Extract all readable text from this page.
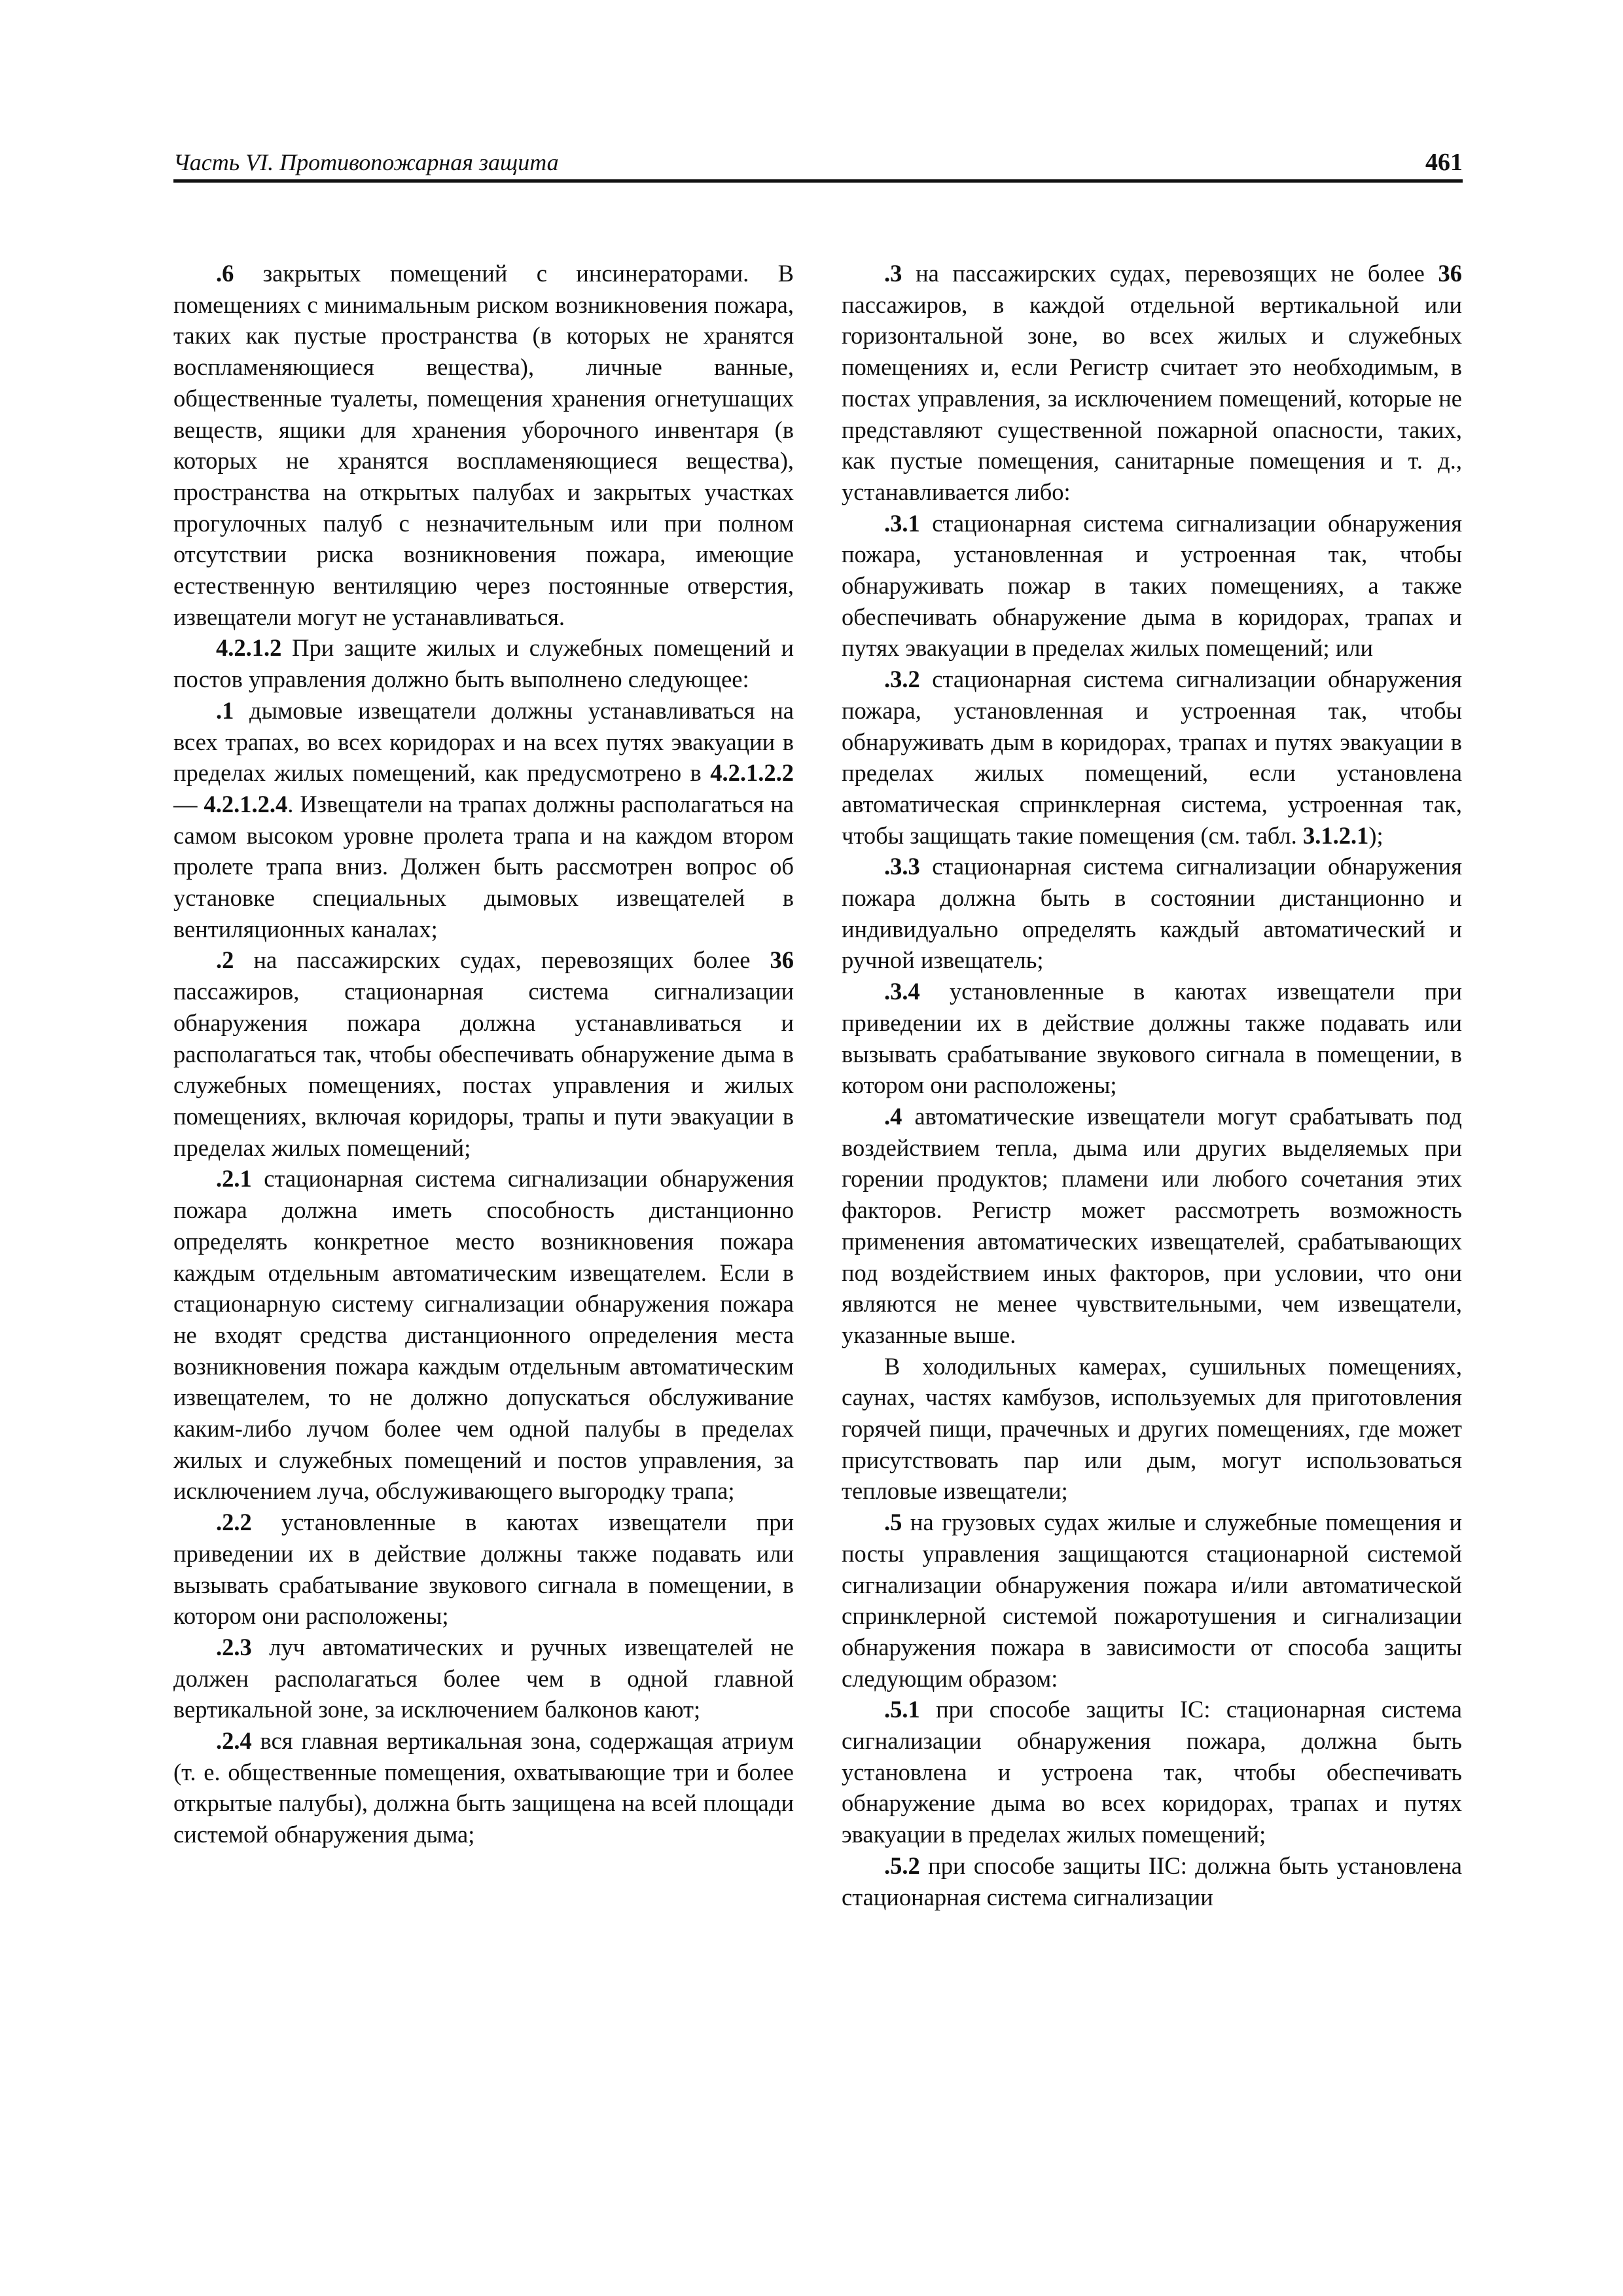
Часть VI. Противопожарная защита	461

.6 закрытых помещений с инсинераторами. В помещениях с минимальным риском возникновения пожара, таких как пустые пространства (в которых не хранятся воспламеняющиеся вещества), личные ванные, общественные туалеты, помещения хранения огнетушащих веществ, ящики для хранения уборочного инвентаря (в которых не хранятся воспламеняющиеся вещества), пространства на открытых палубах и закрытых участках прогулочных палуб с незначительным или при полном отсутствии риска возникновения пожара, имеющие естественную вентиляцию через постоянные отверстия, извещатели могут не устанавливаться.

4.2.1.2 При защите жилых и служебных помещений и постов управления должно быть выполнено следующее:

.1 дымовые извещатели должны устанавливаться на всех трапах, во всех коридорах и на всех путях эвакуации в пределах жилых помещений, как предусмотрено в 4.2.1.2.2 — 4.2.1.2.4. Извещатели на трапах должны располагаться на самом высоком уровне пролета трапа и на каждом втором пролете трапа вниз. Должен быть рассмотрен вопрос об установке специальных дымовых извещателей в вентиляционных каналах;

.2 на пассажирских судах, перевозящих более 36 пассажиров, стационарная система сигнализации обнаружения пожара должна устанавливаться и располагаться так, чтобы обеспечивать обнаружение дыма в служебных помещениях, постах управления и жилых помещениях, включая коридоры, трапы и пути эвакуации в пределах жилых помещений;

.2.1 стационарная система сигнализации обнаружения пожара должна иметь способность дистанционно определять конкретное место возникновения пожара каждым отдельным автоматическим извещателем. Если в стационарную систему сигнализации обнаружения пожара не входят средства дистанционного определения места возникновения пожара каждым отдельным автоматическим извещателем, то не должно допускаться обслуживание каким-либо лучом более чем одной палубы в пределах жилых и служебных помещений и постов управления, за исключением луча, обслуживающего выгородку трапа;

.2.2 установленные в каютах извещатели при приведении их в действие должны также подавать или вызывать срабатывание звукового сигнала в помещении, в котором они расположены;

.2.3 луч автоматических и ручных извещателей не должен располагаться более чем в одной главной вертикальной зоне, за исключением балконов кают;

.2.4 вся главная вертикальная зона, содержащая атриум (т. е. общественные помещения, охватывающие три и более открытые палубы), должна быть защищена на всей площади системой обнаружения дыма;

.3 на пассажирских судах, перевозящих не более 36 пассажиров, в каждой отдельной вертикальной или горизонтальной зоне, во всех жилых и служебных помещениях и, если Регистр считает это необходимым, в постах управления, за исключением помещений, которые не представляют существенной пожарной опасности, таких, как пустые помещения, санитарные помещения и т. д., устанавливается либо:

.3.1 стационарная система сигнализации обнаружения пожара, установленная и устроенная так, чтобы обнаруживать пожар в таких помещениях, а также обеспечивать обнаружение дыма в коридорах, трапах и путях эвакуации в пределах жилых помещений; или

.3.2 стационарная система сигнализации обнаружения пожара, установленная и устроенная так, чтобы обнаруживать дым в коридорах, трапах и путях эвакуации в пределах жилых помещений, если установлена автоматическая спринклерная система, устроенная так, чтобы защищать такие помещения (см. табл. 3.1.2.1);

.3.3 стационарная система сигнализации обнаружения пожара должна быть в состоянии дистанционно и индивидуально определять каждый автоматический и ручной извещатель;

.3.4 установленные в каютах извещатели при приведении их в действие должны также подавать или вызывать срабатывание звукового сигнала в помещении, в котором они расположены;

.4 автоматические извещатели могут срабатывать под воздействием тепла, дыма или других выделяемых при горении продуктов; пламени или любого сочетания этих факторов. Регистр может рассмотреть возможность применения автоматических извещателей, срабатывающих под воздействием иных факторов, при условии, что они являются не менее чувствительными, чем извещатели, указанные выше.

В холодильных камерах, сушильных помещениях, саунах, частях камбузов, используемых для приготовления горячей пищи, прачечных и других помещениях, где может присутствовать пар или дым, могут использоваться тепловые извещатели;

.5 на грузовых судах жилые и служебные помещения и посты управления защищаются стационарной системой сигнализации обнаружения пожара и/или автоматической спринклерной системой пожаротушения и сигнализации обнаружения пожара в зависимости от способа защиты следующим образом:

.5.1 при способе защиты IC: стационарная система сигнализации обнаружения пожара, должна быть установлена и устроена так, чтобы обеспечивать обнаружение дыма во всех коридорах, трапах и путях эвакуации в пределах жилых помещений;

.5.2 при способе защиты IIC: должна быть установлена стационарная система сигнализации
